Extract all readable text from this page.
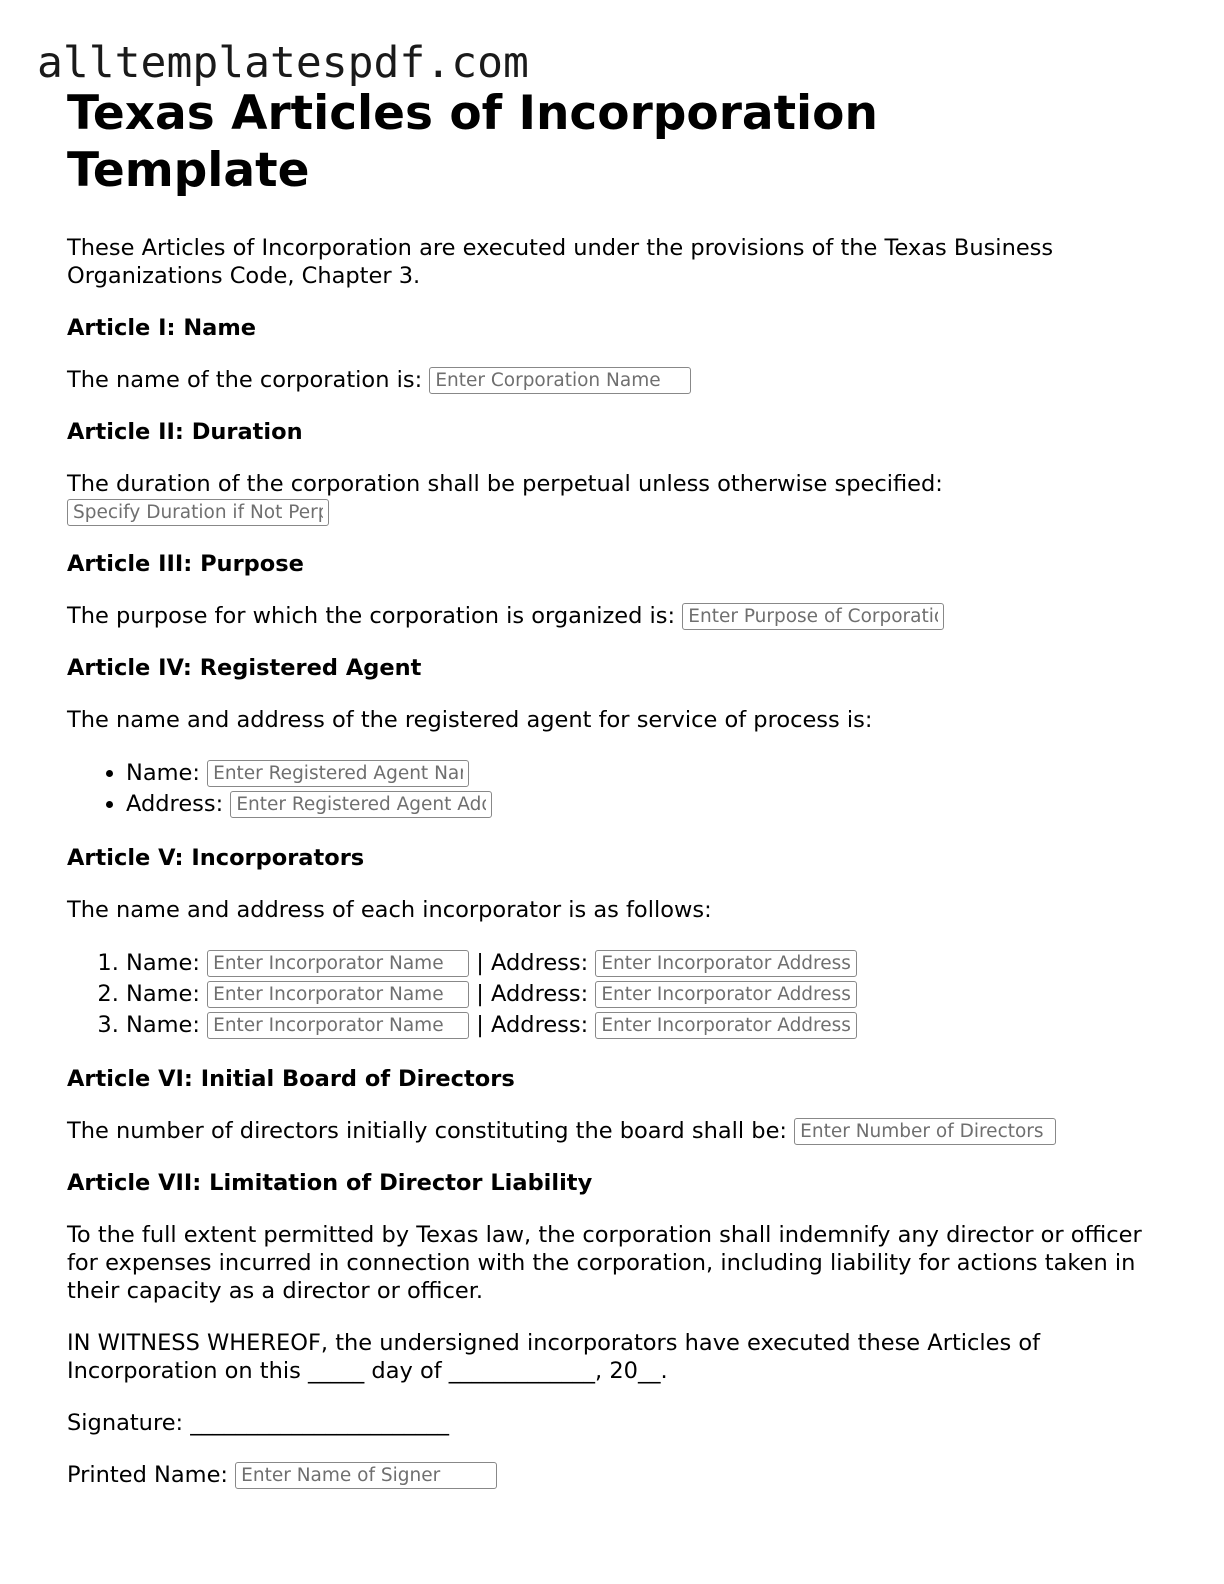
alltemplatespdf.com
Texas Articles of Incorporation Template

These Articles of Incorporation are executed under the provisions of the Texas Business Organizations Code, Chapter 3.

Article I: Name

The name of the corporation is: Enter Corporation Name

Article II: Duration

The duration of the corporation shall be perpetual unless otherwise specified: Specify Duration if Not Perpetual

Article III: Purpose

The purpose for which the corporation is organized is: Enter Purpose of Corporation

Article IV: Registered Agent

The name and address of the registered agent for service of process is:

• Name: Enter Registered Agent Name
• Address: Enter Registered Agent Address
Article V: Incorporators

The name and address of each incorporator is as follows:

1. Name: Enter Incorporator Name	| Address: Enter Incorporator Address
2. Name: Enter Incorporator Name	| Address: Enter Incorporator Address
3. Name: Enter Incorporator Name	| Address: Enter Incorporator Address
Article VI: Initial Board of Directors

The number of directors initially constituting the board shall be: Enter Number of Directors

Article VII: Limitation of Director Liability

To the full extent permitted by Texas law, the corporation shall indemnify any director or officer for expenses incurred in connection with the corporation, including liability for actions taken in their capacity as a director or officer.

IN WITNESS WHEREOF, the undersigned incorporators have executed these Articles of Incorporation on this _____ day of _____________, 20__.

Signature: _______________________

Printed Name: Enter Name of Signer
